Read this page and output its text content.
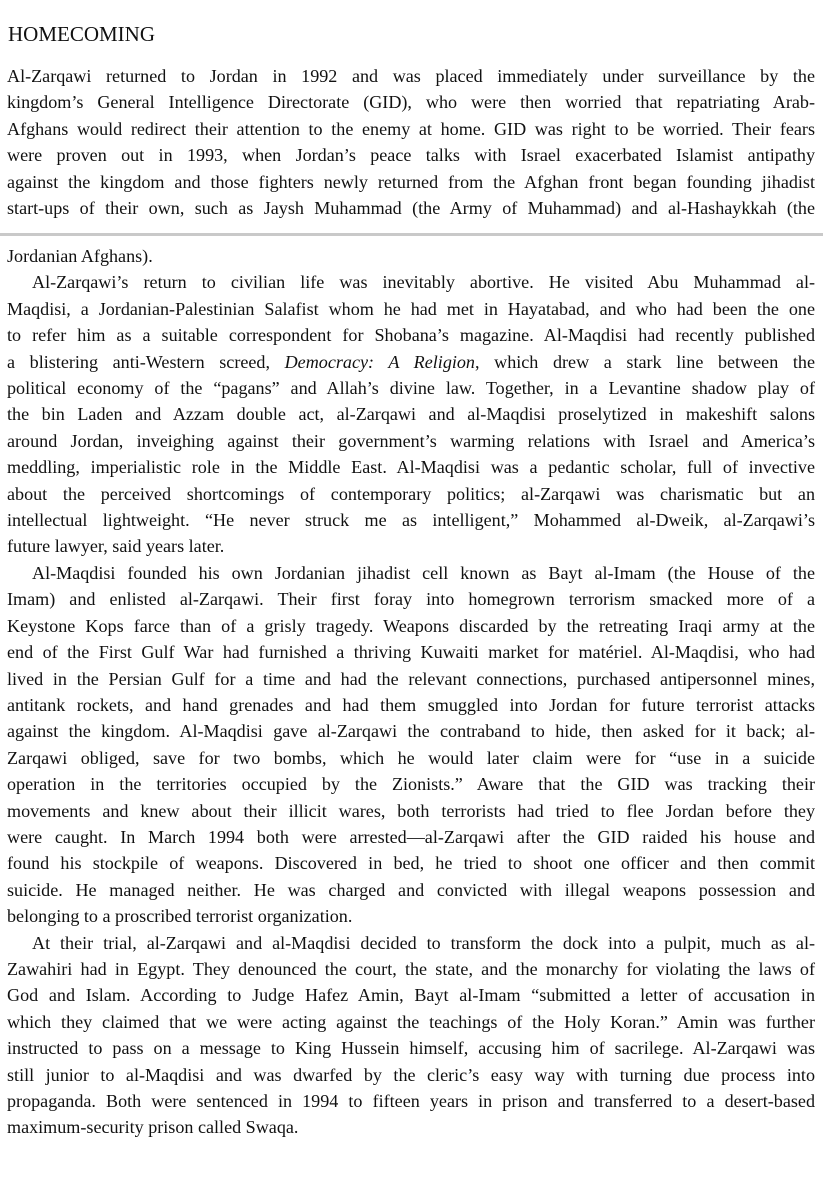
HOMECOMING
Al-Zarqawi returned to Jordan in 1992 and was placed immediately under surveillance by the
kingdom’s General Intelligence Directorate (GID), who were then worried that repatriating Arab-
Afghans would redirect their attention to the enemy at home. GID was right to be worried. Their fears
were proven out in 1993, when Jordan’s peace talks with Israel exacerbated Islamist antipathy
against the kingdom and those fighters newly returned from the Afghan front began founding jihadist
start-ups of their own, such as Jaysh Muhammad (the Army of Muhammad) and al-Hashaykkah (the
Jordanian Afghans).
Al-Zarqawi’s return to civilian life was inevitably abortive. He visited Abu Muhammad al-
Maqdisi, a Jordanian-Palestinian Salafist whom he had met in Hayatabad, and who had been the one
to refer him as a suitable correspondent for Shobana’s magazine. Al-Maqdisi had recently published
a blistering anti-Western screed, Democracy: A Religion, which drew a stark line between the
political economy of the “pagans” and Allah’s divine law. Together, in a Levantine shadow play of
the bin Laden and Azzam double act, al-Zarqawi and al-Maqdisi proselytized in makeshift salons
around Jordan, inveighing against their government’s warming relations with Israel and America’s
meddling, imperialistic role in the Middle East. Al-Maqdisi was a pedantic scholar, full of invective
about the perceived shortcomings of contemporary politics; al-Zarqawi was charismatic but an
intellectual lightweight. “He never struck me as intelligent,” Mohammed al-Dweik, al-Zarqawi’s
future lawyer, said years later.
Al-Maqdisi founded his own Jordanian jihadist cell known as Bayt al-Imam (the House of the
Imam) and enlisted al-Zarqawi. Their first foray into homegrown terrorism smacked more of a
Keystone Kops farce than of a grisly tragedy. Weapons discarded by the retreating Iraqi army at the
end of the First Gulf War had furnished a thriving Kuwaiti market for matériel. Al-Maqdisi, who had
lived in the Persian Gulf for a time and had the relevant connections, purchased antipersonnel mines,
antitank rockets, and hand grenades and had them smuggled into Jordan for future terrorist attacks
against the kingdom. Al-Maqdisi gave al-Zarqawi the contraband to hide, then asked for it back; al-
Zarqawi obliged, save for two bombs, which he would later claim were for “use in a suicide
operation in the territories occupied by the Zionists.” Aware that the GID was tracking their
movements and knew about their illicit wares, both terrorists had tried to flee Jordan before they
were caught. In March 1994 both were arrested—al-Zarqawi after the GID raided his house and
found his stockpile of weapons. Discovered in bed, he tried to shoot one officer and then commit
suicide. He managed neither. He was charged and convicted with illegal weapons possession and
belonging to a proscribed terrorist organization.
At their trial, al-Zarqawi and al-Maqdisi decided to transform the dock into a pulpit, much as al-
Zawahiri had in Egypt. They denounced the court, the state, and the monarchy for violating the laws of
God and Islam. According to Judge Hafez Amin, Bayt al-Imam “submitted a letter of accusation in
which they claimed that we were acting against the teachings of the Holy Koran.” Amin was further
instructed to pass on a message to King Hussein himself, accusing him of sacrilege. Al-Zarqawi was
still junior to al-Maqdisi and was dwarfed by the cleric’s easy way with turning due process into
propaganda. Both were sentenced in 1994 to fifteen years in prison and transferred to a desert-based
maximum-security prison called Swaqa.
